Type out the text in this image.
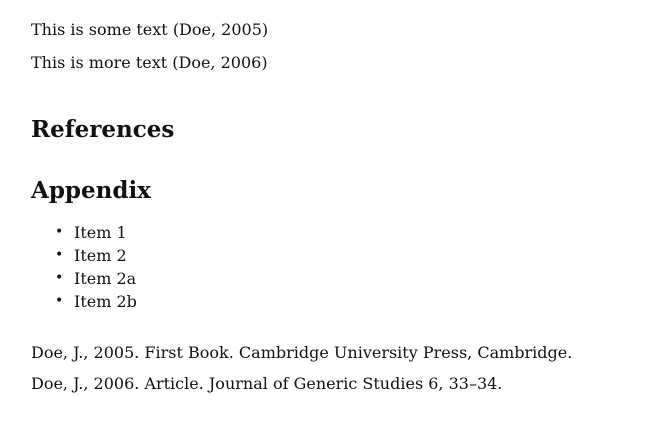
This is some text (Doe, 2005)
This is more text (Doe, 2006)
References
Appendix
• Item 1
• Item 2
• Item 2a
• Item 2b
Doe, J., 2005. First Book. Cambridge University Press, Cambridge.
Doe, J., 2006. Article. Journal of Generic Studies 6, 33–34.
